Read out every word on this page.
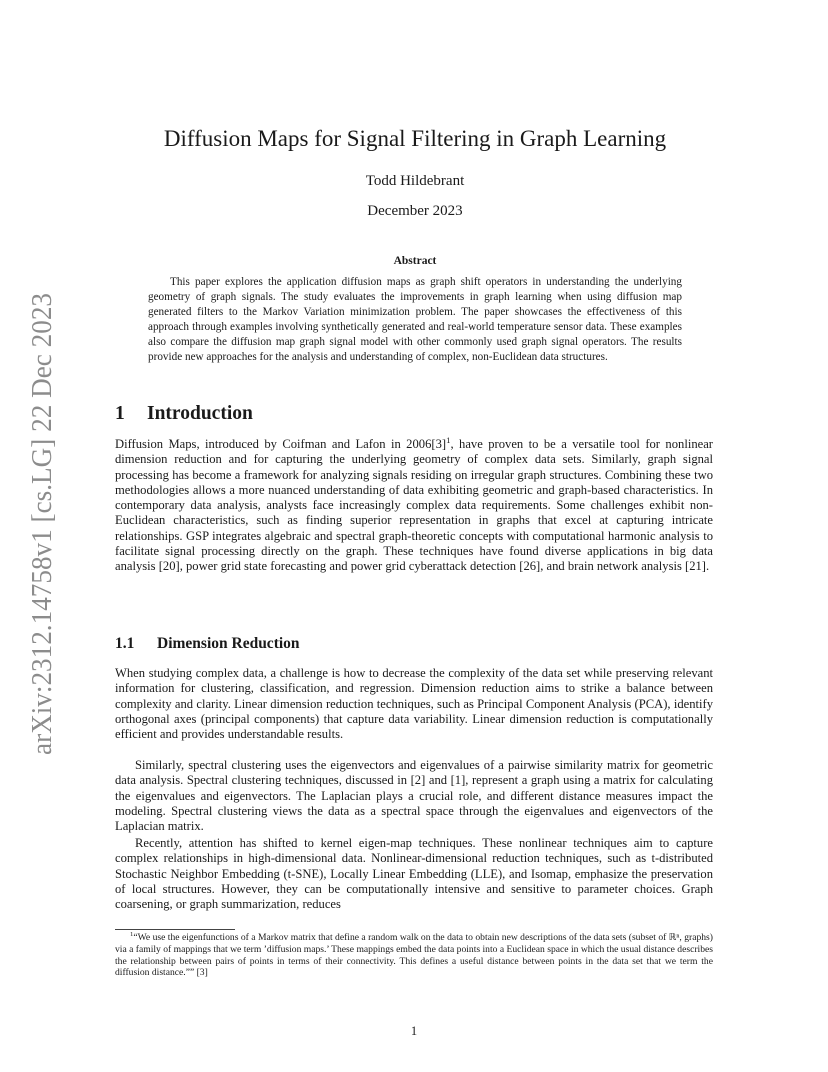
arXiv:2312.14758v1 [cs.LG] 22 Dec 2023
Diffusion Maps for Signal Filtering in Graph Learning
Todd Hildebrant
December 2023
Abstract

This paper explores the application diffusion maps as graph shift operators in understanding the underlying geometry of graph signals. The study evaluates the improvements in graph learning when using diffusion map generated filters to the Markov Variation minimization problem. The paper showcases the effectiveness of this approach through examples involving synthetically generated and real-world temperature sensor data. These examples also compare the diffusion map graph signal model with other commonly used graph signal operators. The results provide new approaches for the analysis and understanding of complex, non-Euclidean data structures.

1 Introduction

Diffusion Maps, introduced by Coifman and Lafon in $2006[3]^1$, have proven to be a versatile tool for nonlinear dimension reduction and for capturing the underlying geometry of complex data sets. Similarly, graph signal processing has become a framework for analyzing signals residing on irregular graph structures. Combining these two methodologies allows a more nuanced understanding of data exhibiting geometric and graph-based characteristics. In contemporary data analysis, analysts face increasingly complex data requirements. Some challenges exhibit non-Euclidean characteristics, such as finding superior representation in graphs that excel at capturing intricate relationships. GSP integrates algebraic and spectral graph-theoretic concepts with computational harmonic analysis to facilitate signal processing directly on the graph. These techniques have found diverse applications in big data analysis [20], power grid state forecasting and power grid cyberattack detection [26], and brain network analysis [21].

1.1 Dimension Reduction

When studying complex data, a challenge is how to decrease the complexity of the data set while preserving relevant information for clustering, classification, and regression. Dimension reduction aims to strike a balance between complexity and clarity. Linear dimension reduction techniques, such as Principal Component Analysis (PCA), identify orthogonal axes (principal components) that capture data variability. Linear dimension reduction is computationally efficient and provides understandable results.

Similarly, spectral clustering uses the eigenvectors and eigenvalues of a pairwise similarity matrix for geometric data analysis. Spectral clustering techniques, discussed in [2] and [1], represent a graph using a matrix for calculating the eigenvalues and eigenvectors. The Laplacian plays a crucial role, and different distance measures impact the modeling. Spectral clustering views the data as a spectral space through the eigenvalues and eigenvectors of the Laplacian matrix.

Recently, attention has shifted to kernel eigen-map techniques. These nonlinear techniques aim to capture complex relationships in high-dimensional data. Nonlinear-dimensional reduction techniques, such as t-distributed Stochastic Neighbor Embedding (t-SNE), Locally Linear Embedding (LLE), and Isomap, emphasize the preservation of local structures. However, they can be computationally intensive and sensitive to parameter choices. Graph coarsening, or graph summarization, reduces

$^1$“We use the eigenfunctions of a Markov matrix that define a random walk on the data to obtain new descriptions of the data sets (subset of ℝⁿ, graphs) via a family of mappings that we term ’diffusion maps.’ These mappings embed the data points into a Euclidean space in which the usual distance describes the relationship between pairs of points in terms of their connectivity. This defines a useful distance between points in the data set that we term the diffusion distance.”” [3]

1
